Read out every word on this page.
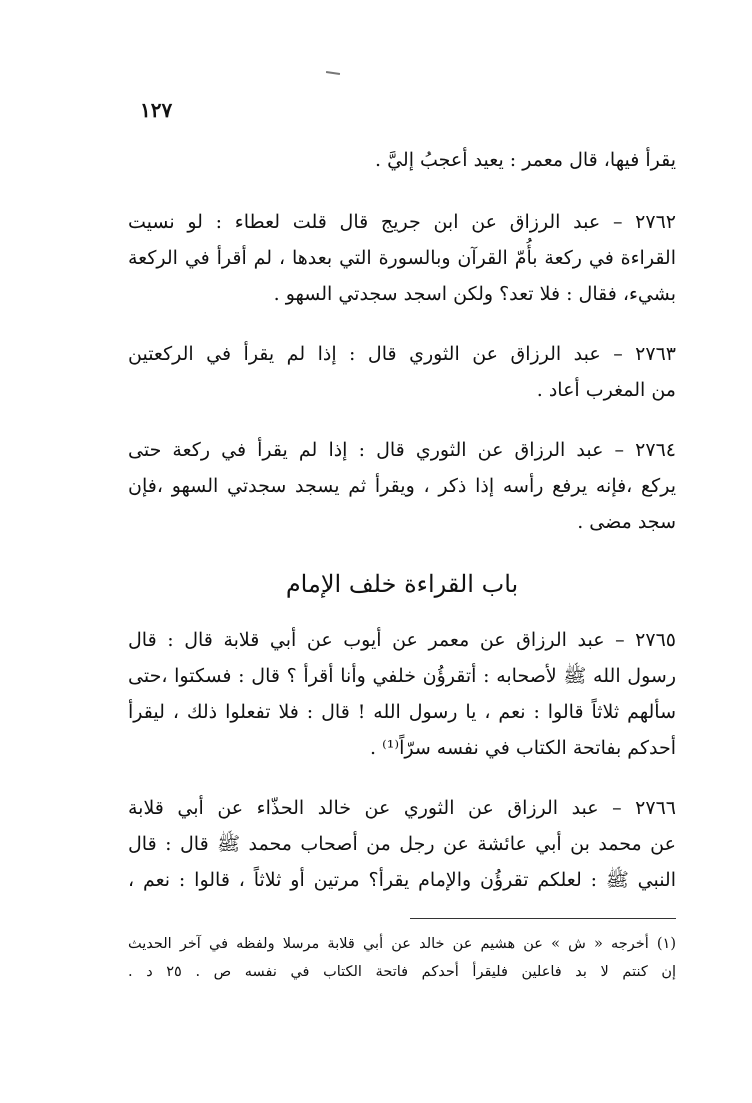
١٢٧

يقرأ فيها، قال معمر : يعيد أعجبُ إليَّ .

٢٧٦٢ – عبد الرزاق عن ابن جريج قال قلت لعطاء : لو نسيت
القراءة في ركعة بأُمّ القرآن وبالسورة التي بعدها ، لم أقرأ في الركعة
بشيء، فقال : فلا تعد؟ ولكن اسجد سجدتي السهو .

٢٧٦٣ – عبد الرزاق عن الثوري قال : إذا لم يقرأ في الركعتين
من المغرب أعاد .

٢٧٦٤ – عبد الرزاق عن الثوري قال : إذا لم يقرأ في ركعة حتى
يركع ،فإنه يرفع رأسه إذا ذكر ، ويقرأ ثم يسجد سجدتي السهو ،فإن
سجد مضى .

باب القراءة خلف الإمام

٢٧٦٥ – عبد الرزاق عن معمر عن أيوب عن أبي قلابة قال : قال
رسول الله ﷺ لأصحابه : أتقرؤُن خلفي وأنا أقرأ ؟ قال : فسكتوا ،حتى
سألهم ثلاثاً قالوا : نعم ، يا رسول الله ! قال : فلا تفعلوا ذلك ، ليقرأ
أحدكم بفاتحة الكتاب في نفسه سرّاً⁽¹⁾ .

٢٧٦٦ – عبد الرزاق عن الثوري عن خالد الحذّاء عن أبي قلابة
عن محمد بن أبي عائشة عن رجل من أصحاب محمد ﷺ قال : قال
النبي ﷺ : لعلكم تقرؤُن والإمام يقرأ؟ مرتين أو ثلاثاً ، قالوا : نعم ،

(١) أخرجه « ش » عن هشيم عن خالد عن أبي قلابة مرسلا ولفظه في آخر الحديث
إن كنتم لا بد فاعلين فليقرأ أحدكم فاتحة الكتاب في نفسه ص . ٢٥ د .
